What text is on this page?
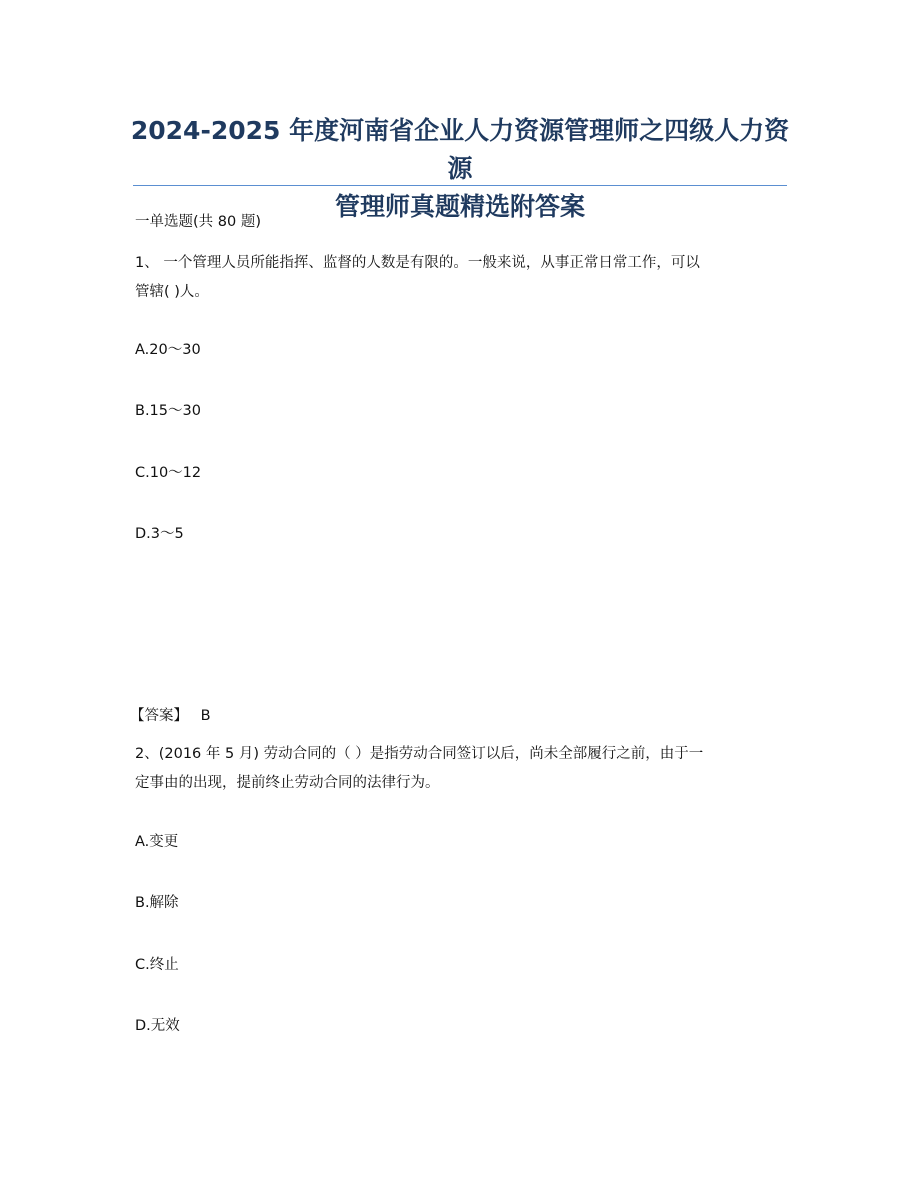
2024-2025 年度河南省企业人力资源管理师之四级人力资源
管理师真题精选附答案
一单选题(共 80 题)
1、 一个管理人员所能指挥、监督的人数是有限的。一般来说，从事正常日常工作，可以
管辖( )人。
A.20～30
B.15～30
C.10～12
D.3～5
【答案】 B
2、(2016 年 5 月) 劳动合同的（ ）是指劳动合同签订以后，尚未全部履行之前，由于一
定事由的出现，提前终止劳动合同的法律行为。
A.变更
B.解除
C.终止
D.无效
